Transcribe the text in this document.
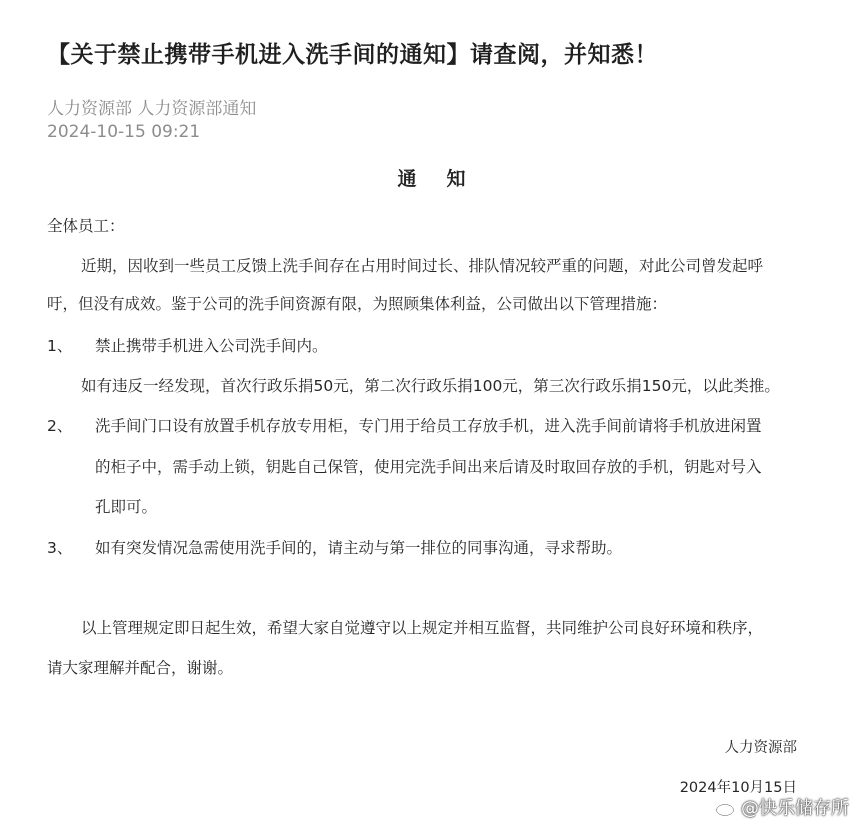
【关于禁止携带手机进入洗手间的通知】请查阅，并知悉！
人力资源部 人力资源部通知
2024-10-15 09:21
通 知
全体员工：
近期，因收到一些员工反馈上洗手间存在占用时间过长、排队情况较严重的问题，对此公司曾发起呼
吁，但没有成效。鉴于公司的洗手间资源有限，为照顾集体利益，公司做出以下管理措施：
1、 禁止携带手机进入公司洗手间内。
如有违反一经发现，首次行政乐捐50元，第二次行政乐捐100元，第三次行政乐捐150元，以此类推。
2、 洗手间门口设有放置手机存放专用柜，专门用于给员工存放手机，进入洗手间前请将手机放进闲置
的柜子中，需手动上锁，钥匙自己保管，使用完洗手间出来后请及时取回存放的手机，钥匙对号入
孔即可。
3、 如有突发情况急需使用洗手间的，请主动与第一排位的同事沟通，寻求帮助。
以上管理规定即日起生效，希望大家自觉遵守以上规定并相互监督，共同维护公司良好环境和秩序，
请大家理解并配合，谢谢。
人力资源部
2024年10月15日
@快乐储存所
